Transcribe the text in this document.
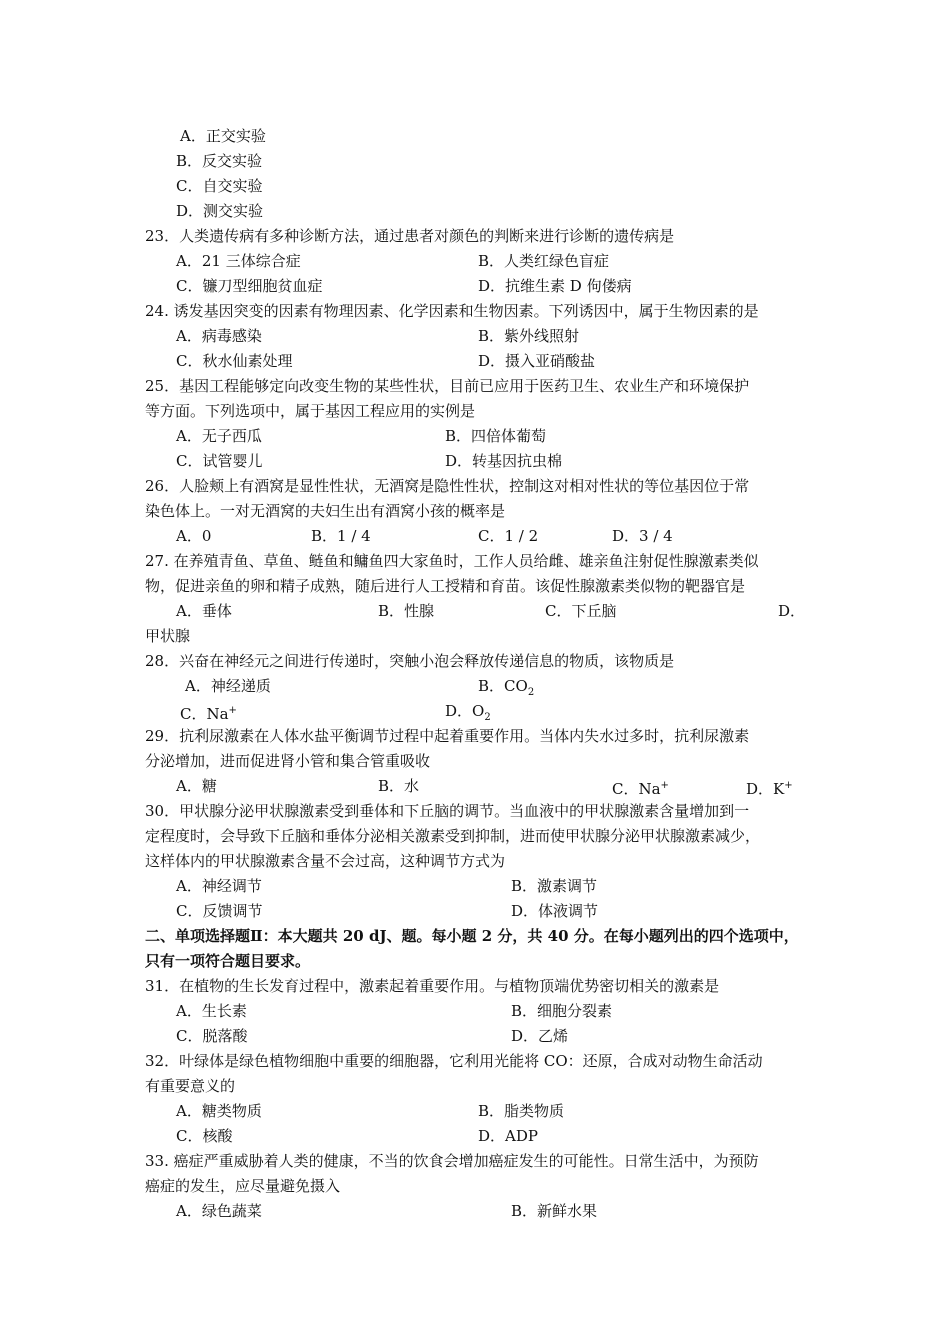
A．正交实验
B．反交实验
C．自交实验
D．测交实验
23．人类遗传病有多种诊断方法，通过患者对颜色的判断来进行诊断的遗传病是
A．21 三体综合症	B．人类红绿色盲症
C．镰刀型细胞贫血症	D．抗维生素 D 佝偻病
24. 诱发基因突变的因素有物理因素、化学因素和生物因素。下列诱因中，属于生物因素的是
A．病毒感染	B．紫外线照射
C．秋水仙素处理	D．摄入亚硝酸盐
25．基因工程能够定向改变生物的某些性状，目前已应用于医药卫生、农业生产和环境保护
等方面。下列选项中，属于基因工程应用的实例是
A．无子西瓜	B．四倍体葡萄
C．试管婴儿	D．转基因抗虫棉
26．人脸颊上有酒窝是显性性状，无酒窝是隐性性状，控制这对相对性状的等位基因位于常
染色体上。一对无酒窝的夫妇生出有酒窝小孩的概率是
A．0	B．1 / 4	C．1 / 2	D．3 / 4
27. 在养殖青鱼、草鱼、鲢鱼和鳙鱼四大家鱼时，工作人员给雌、雄亲鱼注射促性腺激素类似
物，促进亲鱼的卵和精子成熟，随后进行人工授精和育苗。该促性腺激素类似物的靶器官是
A．垂体	B．性腺	C．下丘脑	D．
甲状腺
28．兴奋在神经元之间进行传递时，突触小泡会释放传递信息的物质，该物质是
A．神经递质	B．$CO_2$
C．Na+	D．$O_2$
29．抗利尿激素在人体水盐平衡调节过程中起着重要作用。当体内失水过多时，抗利尿激素
分泌增加，进而促进肾小管和集合管重吸收
A．糖	B．水	C．Na+	D．K+
30．甲状腺分泌甲状腺激素受到垂体和下丘脑的调节。当血液中的甲状腺激素含量增加到一
定程度时，会导致下丘脑和垂体分泌相关激素受到抑制，进而使甲状腺分泌甲状腺激素减少，
这样体内的甲状腺激素含量不会过高，这种调节方式为
A．神经调节	B．激素调节
C．反馈调节	D．体液调节
二、单项选择题Ⅱ：本大题共 20 dJ、题。每小题 2 分，共 40 分。在每小题列出的四个选项中，
只有一项符合题目要求。
31．在植物的生长发育过程中，激素起着重要作用。与植物顶端优势密切相关的激素是
A．生长素	B．细胞分裂素
C．脱落酸	D．乙烯
32．叶绿体是绿色植物细胞中重要的细胞器，它利用光能将 CO：还原，合成对动物生命活动
有重要意义的
A．糖类物质	B．脂类物质
C．核酸	D．ADP
33. 癌症严重威胁着人类的健康，不当的饮食会增加癌症发生的可能性。日常生活中，为预防
癌症的发生，应尽量避免摄入
A．绿色蔬菜	B．新鲜水果
